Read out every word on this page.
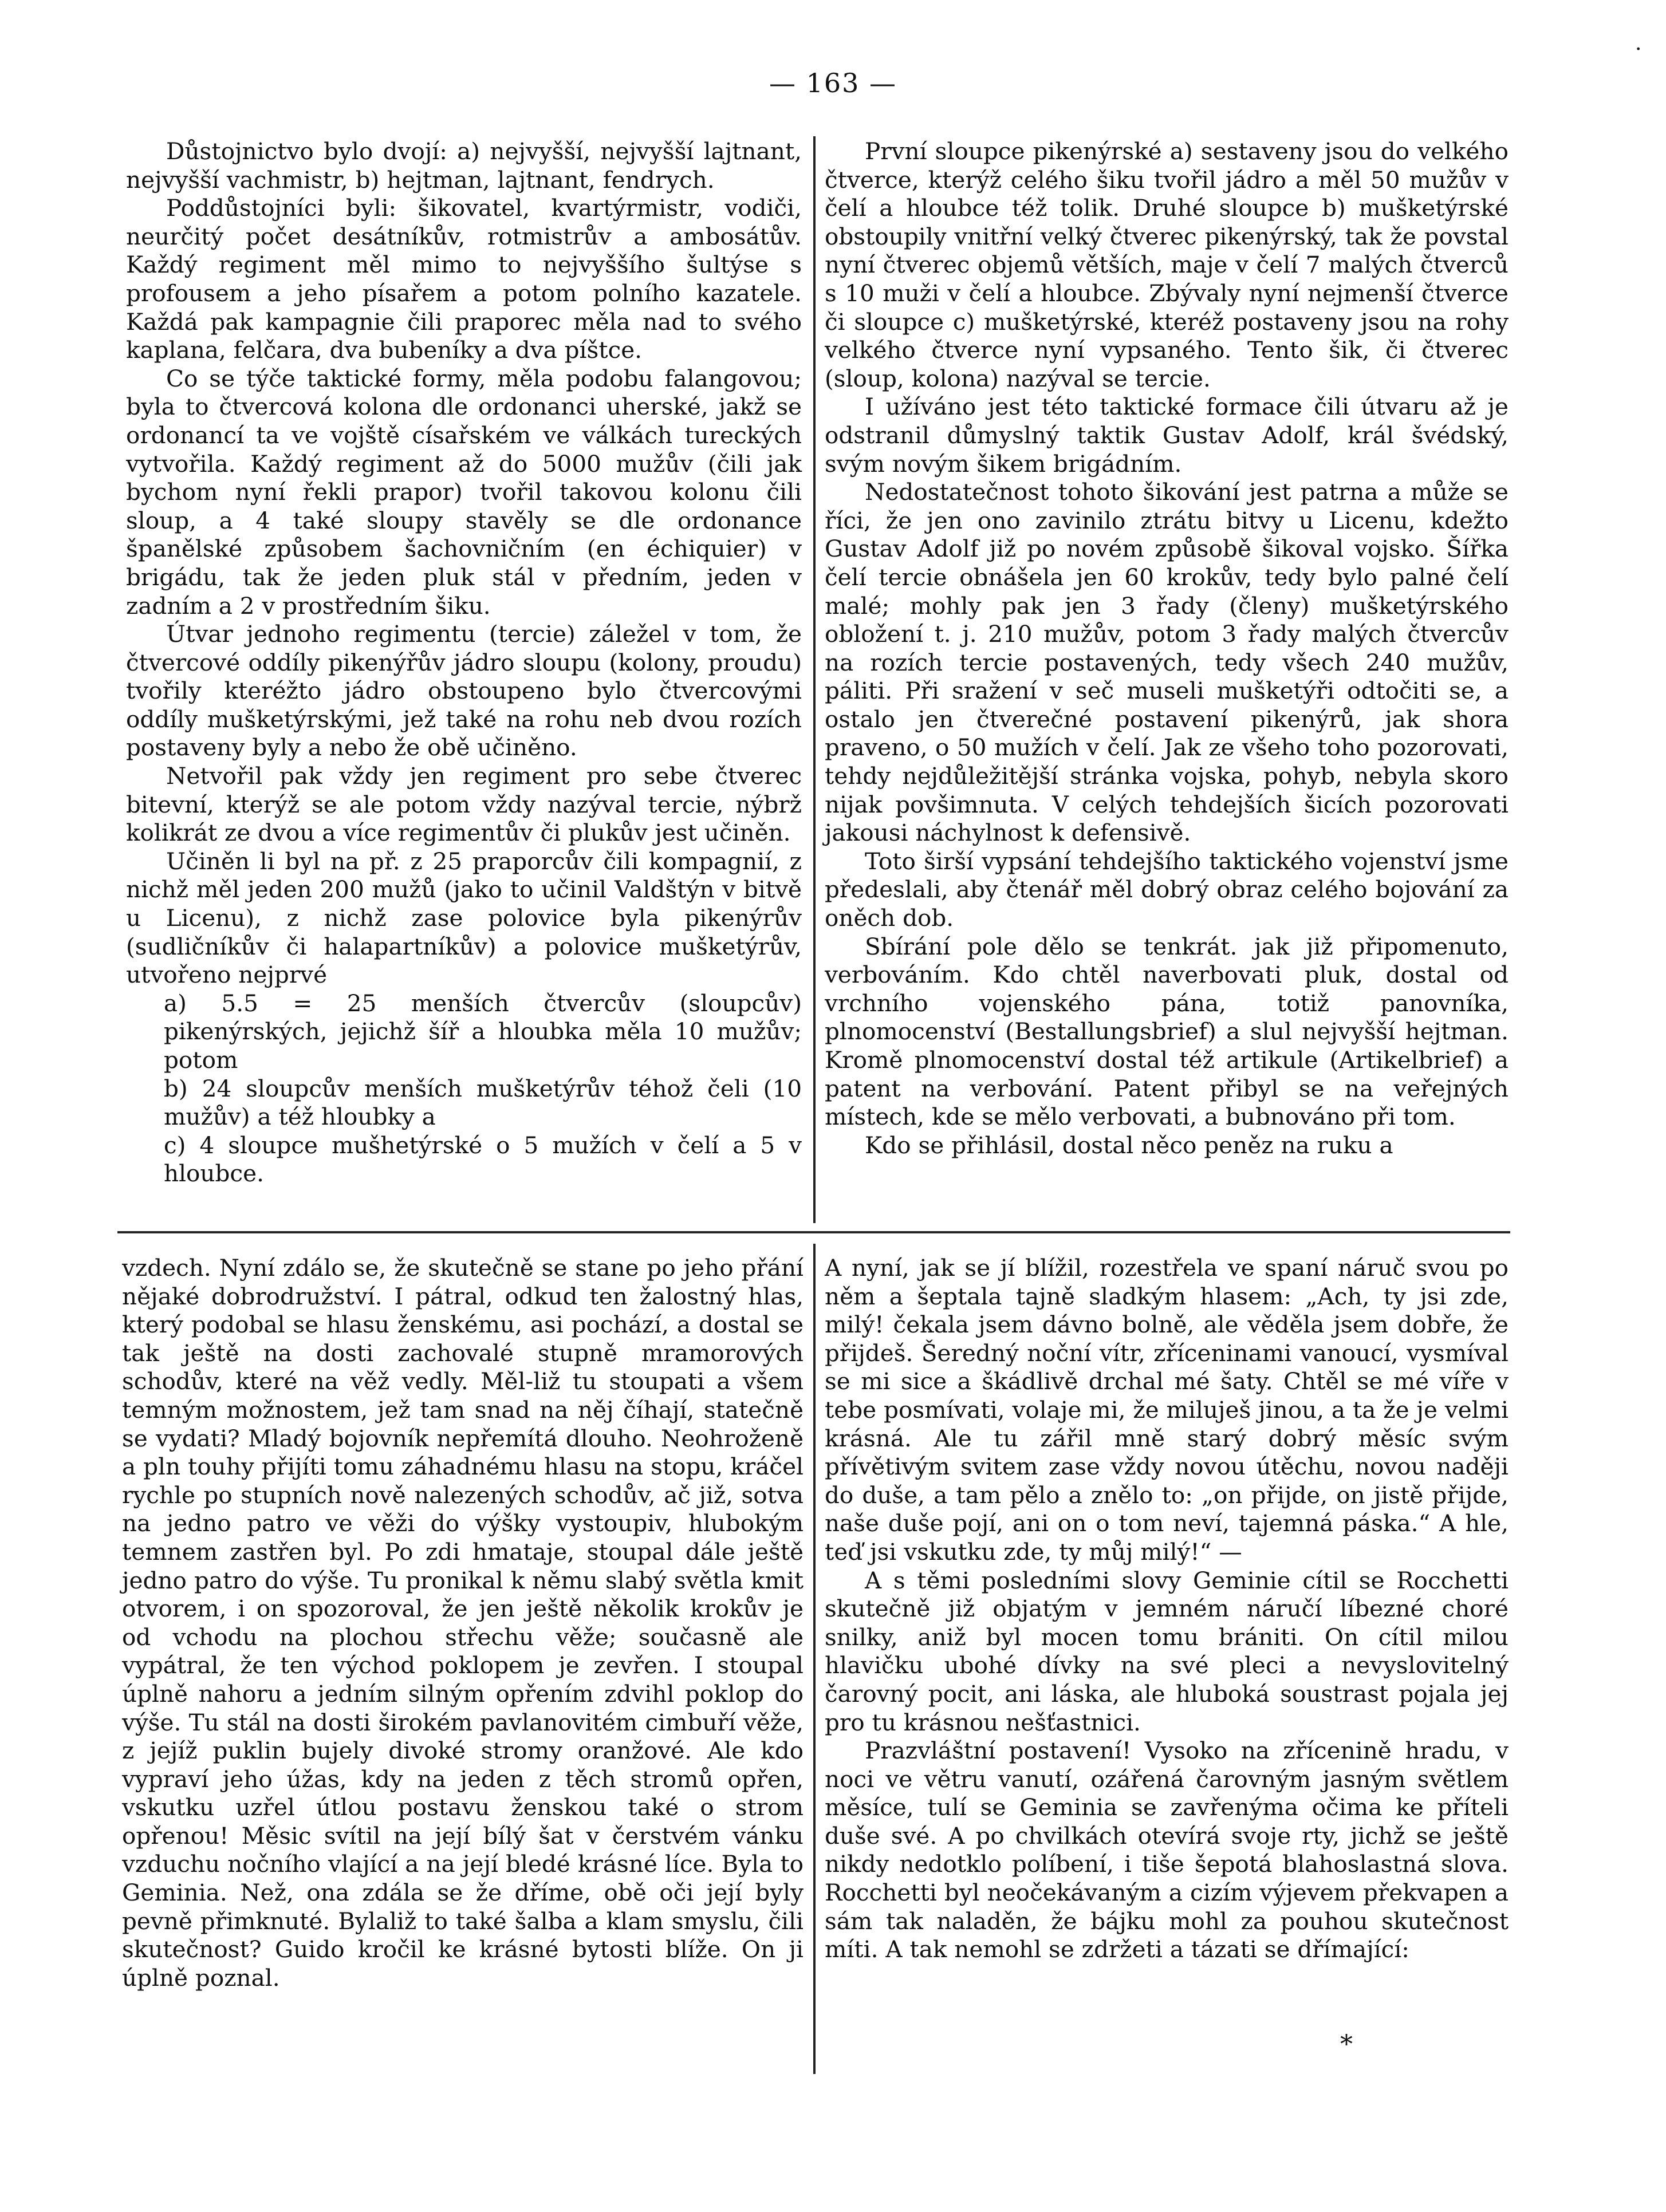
— 163 —
·

Důstojnictvo bylo dvojí: a) nejvyšší, nejvyšší lajtnant, nejvyšší vachmistr, b) hejtman, lajtnant, fendrych.

Poddůstojníci byli: šikovatel, kvartýrmistr, vodiči, neurčitý počet desátníkův, rotmistrův a ambosátův. Každý regiment měl mimo to nejvyššího šultýse s profousem a jeho písařem a potom polního kazatele. Každá pak kampagnie čili praporec měla nad to svého kaplana, felčara, dva bubeníky a dva píštce.

Co se týče taktické formy, měla podobu falangovou; byla to čtvercová kolona dle ordonanci uherské, jakž se ordonancí ta ve vojště císařském ve válkách tureckých vytvořila. Každý regiment až do 5000 mužův (čili jak bychom nyní řekli prapor) tvořil takovou kolonu čili sloup, a 4 také sloupy stavěly se dle ordonance španělské způsobem šachovničním (en échiquier) v brigádu, tak že jeden pluk stál v předním, jeden v zadním a 2 v prostředním šiku.

Útvar jednoho regimentu (tercie) záležel v tom, že čtvercové oddíly pikenýřův jádro sloupu (kolony, proudu) tvořily kteréžto jádro obstoupeno bylo čtvercovými oddíly mušketýrskými, jež také na rohu neb dvou rozích postaveny byly a nebo že obě učiněno.

Netvořil pak vždy jen regiment pro sebe čtverec bitevní, kterýž se ale potom vždy nazýval tercie, nýbrž kolikrát ze dvou a více regimentův či plukův jest učiněn.

Učiněn li byl na př. z 25 praporcův čili kompagnií, z nichž měl jeden 200 mužů (jako to učinil Valdštýn v bitvě u Licenu), z nichž zase polovice byla pikenýrův (sudličníkův či halapartníkův) a polovice mušketýrův, utvořeno nejprvé

a) 5.5 = 25 menších čtvercův (sloupcův) pikenýrských, jejichž šíř a hloubka měla 10 mužův; potom

b) 24 sloupcův menších mušketýrův téhož čeli (10 mužův) a též hloubky a

c) 4 sloupce mušhetýrské o 5 mužích v čelí a 5 v hloubce.

První sloupce pikenýrské a) sestaveny jsou do velkého čtverce, kterýž celého šiku tvořil jádro a měl 50 mužův v čelí a hloubce též tolik. Druhé sloupce b) mušketýrské obstoupily vnitřní velký čtverec pikenýrský, tak že povstal nyní čtverec objemů větších, maje v čelí 7 malých čtverců s 10 muži v čelí a hloubce. Zbývaly nyní nejmenší čtverce či sloupce c) mušketýrské, kteréž postaveny jsou na rohy velkého čtverce nyní vypsaného. Tento šik, či čtverec (sloup, kolona) nazýval se tercie.

I užíváno jest této taktické formace čili útvaru až je odstranil důmyslný taktik Gustav Adolf, král švédský, svým novým šikem brigádním.

Nedostatečnost tohoto šikování jest patrna a může se říci, že jen ono zavinilo ztrátu bitvy u Licenu, kdežto Gustav Adolf již po novém způsobě šikoval vojsko. Šířka čelí tercie obnášela jen 60 krokův, tedy bylo palné čelí malé; mohly pak jen 3 řady (členy) mušketýrského obložení t. j. 210 mužův, potom 3 řady malých čtvercův na rozích tercie postavených, tedy všech 240 mužův, páliti. Při sražení v seč museli mušketýři odtočiti se, a ostalo jen čtverečné postavení pikenýrů, jak shora praveno, o 50 mužích v čelí. Jak ze všeho toho pozorovati, tehdy nejdůležitější stránka vojska, pohyb, nebyla skoro nijak povšimnuta. V celých tehdejších šicích pozorovati jakousi náchylnost k defensivě.

Toto širší vypsání tehdejšího taktického vojenství jsme předeslali, aby čtenář měl dobrý obraz celého bojování za oněch dob.

Sbírání pole dělo se tenkrát. jak již připomenuto, verbováním. Kdo chtěl naverbovati pluk, dostal od vrchního vojenského pána, totiž panovníka, plnomocenství (Bestallungsbrief) a slul nejvyšší hejtman. Kromě plnomocenství dostal též artikule (Artikelbrief) a patent na verbování. Patent přibyl se na veřejných místech, kde se mělo verbovati, a bubnováno při tom.

Kdo se přihlásil, dostal něco peněz na ruku a

vzdech. Nyní zdálo se, že skutečně se stane po jeho přání nějaké dobrodružství. I pátral, odkud ten žalostný hlas, který podobal se hlasu ženskému, asi pochází, a dostal se tak ještě na dosti zachovalé stupně mramorových schodův, které na věž vedly. Měl-liž tu stoupati a všem temným možnostem, jež tam snad na něj číhají, statečně se vydati? Mladý bojovník nepřemítá dlouho. Neohroženě a pln touhy přijíti tomu záhadnému hlasu na stopu, kráčel rychle po stupních nově nalezených schodův, ač již, sotva na jedno patro ve věži do výšky vystoupiv, hlubokým temnem zastřen byl. Po zdi hmataje, stoupal dále ještě jedno patro do výše. Tu pronikal k němu slabý světla kmit otvorem, i on spozoroval, že jen ještě několik krokův je od vchodu na plochou střechu věže; současně ale vypátral, že ten východ poklopem je zevřen. I stoupal úplně nahoru a jedním silným opřením zdvihl poklop do výše. Tu stál na dosti širokém pavlanovitém cimbuří věže, z jejíž puklin bujely divoké stromy oranžové. Ale kdo vypraví jeho úžas, kdy na jeden z těch stromů opřen, vskutku uzřel útlou postavu ženskou také o strom opřenou! Měsic svítil na její bílý šat v čerstvém vánku vzduchu nočního vlající a na její bledé krásné líce. Byla to Geminia. Než, ona zdála se že dříme, obě oči její byly pevně přimknuté. Bylaliž to také šalba a klam smyslu, čili skutečnost? Guido kročil ke krásné bytosti blíže. On ji úplně poznal.

A nyní, jak se jí blížil, rozestřela ve spaní náruč svou po něm a šeptala tajně sladkým hlasem: „Ach, ty jsi zde, milý! čekala jsem dávno bolně, ale věděla jsem dobře, že přijdeš. Šeredný noční vítr, zříceninami vanoucí, vysmíval se mi sice a škádlivě drchal mé šaty. Chtěl se mé víře v tebe posmívati, volaje mi, že miluješ jinou, a ta že je velmi krásná. Ale tu zářil mně starý dobrý měsíc svým přívětivým svitem zase vždy novou útěchu, novou naději do duše, a tam pělo a znělo to: „on přijde, on jistě přijde, naše duše pojí, ani on o tom neví, tajemná páska.“ A hle, teď jsi vskutku zde, ty můj milý!“ —

A s těmi posledními slovy Geminie cítil se Rocchetti skutečně již objatým v jemném náručí líbezné choré snilky, aniž byl mocen tomu brániti. On cítil milou hlavičku ubohé dívky na své pleci a nevyslovitelný čarovný pocit, ani láska, ale hluboká soustrast pojala jej pro tu krásnou nešťastnici.

Prazvláštní postavení! Vysoko na zřícenině hradu, v noci ve větru vanutí, ozářená čarovným jasným světlem měsíce, tulí se Geminia se zavřenýma očima ke příteli duše své. A po chvilkách otevírá svoje rty, jichž se ještě nikdy nedotklo políbení, i tiše šepotá blahoslastná slova. Rocchetti byl neočekávaným a cizím výjevem překvapen a sám tak naladěn, že bájku mohl za pouhou skutečnost míti. A tak nemohl se zdržeti a tázati se dřímající:

*
